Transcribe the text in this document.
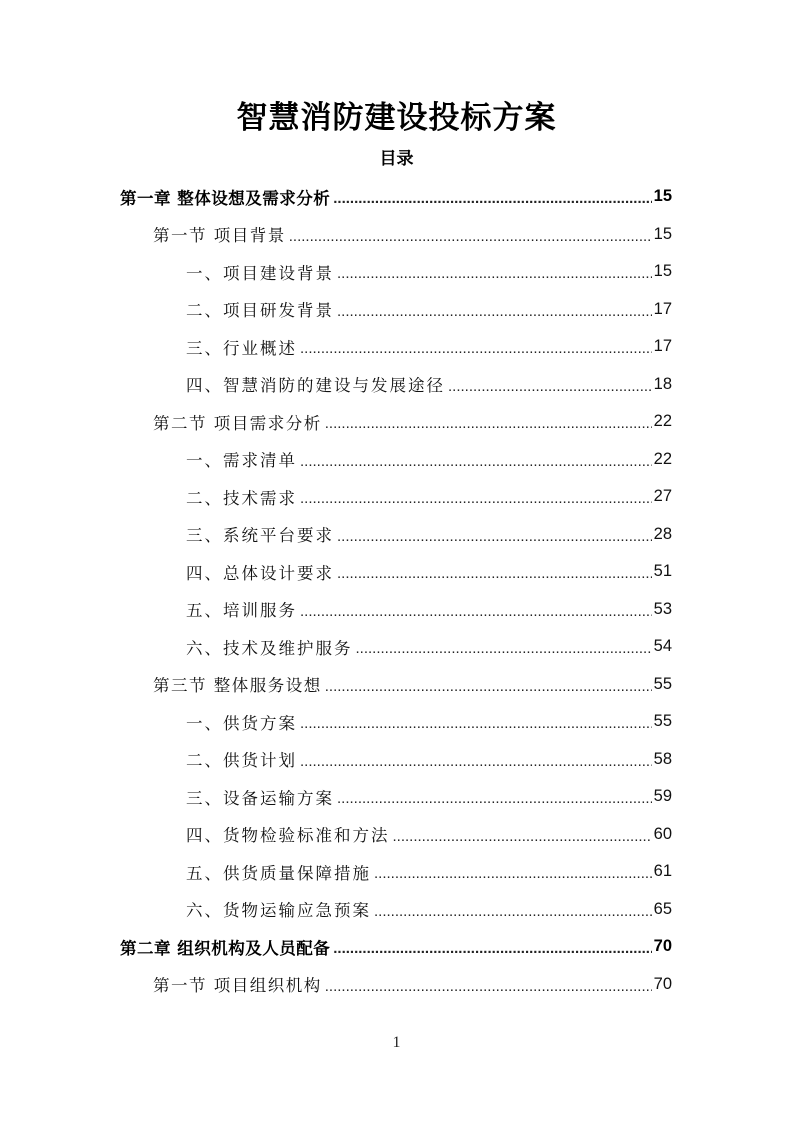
智慧消防建设投标方案
目录
第一章 整体设想及需求分析 .....	15
第一节 项目背景 .....	15
一、项目建设背景 .....	15
二、项目研发背景 .....	17
三、行业概述 .....	17
四、智慧消防的建设与发展途径 .....	18
第二节 项目需求分析 .....	22
一、需求清单 .....	22
二、技术需求 .....	27
三、系统平台要求 .....	28
四、总体设计要求 .....	51
五、培训服务 .....	53
六、技术及维护服务 .....	54
第三节 整体服务设想 .....	55
一、供货方案 .....	55
二、供货计划 .....	58
三、设备运输方案 .....	59
四、货物检验标准和方法 .....	60
五、供货质量保障措施 .....	61
六、货物运输应急预案 .....	65
第二章 组织机构及人员配备 .....	70
第一节 项目组织机构 .....	70
1
